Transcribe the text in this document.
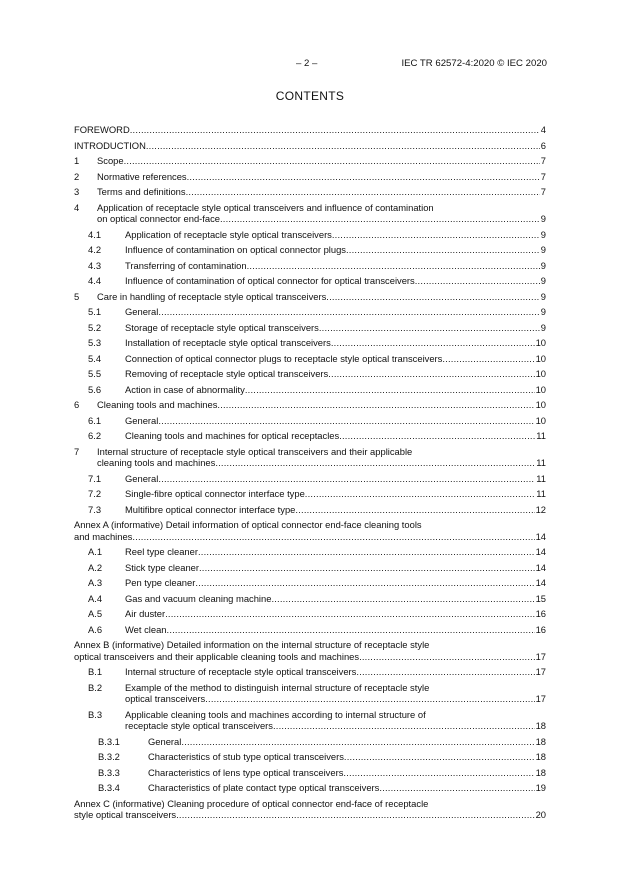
– 2 –	IEC TR 62572-4:2020 © IEC 2020
CONTENTS
FOREWORD .....	4
INTRODUCTION .....	6
1 Scope .....	7
2 Normative references .....	7
3 Terms and definitions .....	7
4 Application of receptacle style optical transceivers and influence of contamination
on optical connector end-face .....	9
4.1	Application of receptacle style optical transceivers .....	9
4.2	Influence of contamination on optical connector plugs .....	9
4.3	Transferring of contamination .....	9
4.4	Influence of contamination of optical connector for optical transceivers .....	9
5 Care in handling of receptacle style optical transceivers .....	9
5.1	General .....	9
5.2	Storage of receptacle style optical transceivers .....	9
5.3	Installation of receptacle style optical transceivers .....	10
5.4	Connection of optical connector plugs to receptacle style optical transceivers .....	10
5.5	Removing of receptacle style optical transceivers .....	10
5.6	Action in case of abnormality .....	10
6 Cleaning tools and machines .....	10
6.1	General .....	10
6.2	Cleaning tools and machines for optical receptacles .....	11
7 Internal structure of receptacle style optical transceivers and their applicable
cleaning tools and machines .....	11
7.1	General .....	11
7.2	Single-fibre optical connector interface type .....	11
7.3	Multifibre optical connector interface type .....	12
Annex A (informative) Detail information of optical connector end-face cleaning tools
and machines .....	14
A.1 Reel type cleaner .....	14
A.2 Stick type cleaner .....	14
A.3 Pen type cleaner .....	14
A.4 Gas and vacuum cleaning machine .....	15
A.5 Air duster .....	16
A.6 Wet clean .....	16
Annex B (informative) Detailed information on the internal structure of receptacle style
optical transceivers and their applicable cleaning tools and machines .....	17
B.1 Internal structure of receptacle style optical transceivers .....	17
B.2 Example of the method to distinguish internal structure of receptacle style
optical transceivers .....	17
B.3 Applicable cleaning tools and machines according to internal structure of
receptacle style optical transceivers .....	18
B.3.1	General .....	18
B.3.2	Characteristics of stub type optical transceivers .....	18
B.3.3	Characteristics of lens type optical transceivers .....	18
B.3.4	Characteristics of plate contact type optical transceivers .....	19
Annex C (informative) Cleaning procedure of optical connector end-face of receptacle
style optical transceivers .....	20
